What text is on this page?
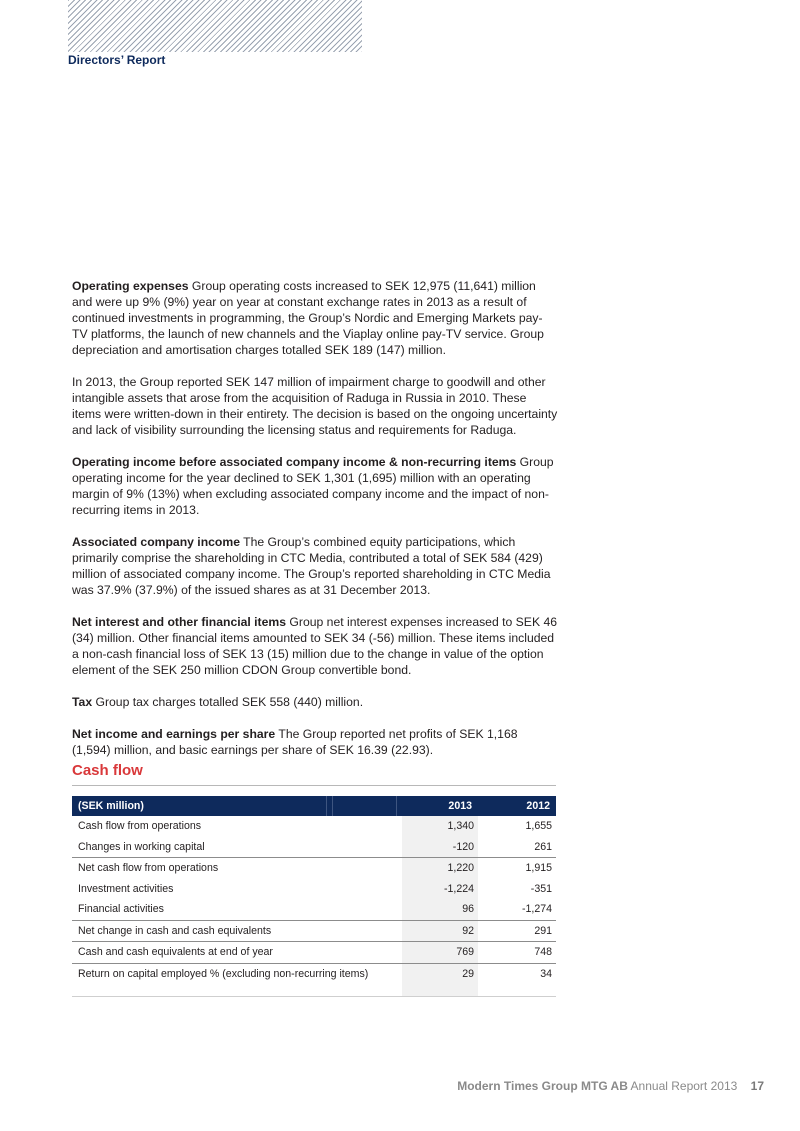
Directors’ Report

Operating expenses Group operating costs increased to SEK 12,975 (11,641) million and were up 9% (9%) year on year at constant exchange rates in 2013 as a result of continued investments in programming, the Group’s Nordic and Emerging Markets pay-TV platforms, the launch of new channels and the Viaplay online pay-TV service. Group depreciation and amortisation charges totalled SEK 189 (147) million.

In 2013, the Group reported SEK 147 million of impairment charge to goodwill and other intangible assets that arose from the acquisition of Raduga in Russia in 2010. These items were written-down in their entirety. The decision is based on the ongoing uncertainty and lack of visibility surrounding the licensing status and requirements for Raduga.

Operating income before associated company income & non-recurring items Group operating income for the year declined to SEK 1,301 (1,695) million with an operating margin of 9% (13%) when excluding associated company income and the impact of non-recurring items in 2013.

Associated company income The Group’s combined equity participations, which primarily comprise the shareholding in CTC Media, contributed a total of SEK 584 (429) million of associated company income. The Group’s reported shareholding in CTC Media was 37.9% (37.9%) of the issued shares as at 31 December 2013.

Net interest and other financial items Group net interest expenses increased to SEK 46 (34) million. Other financial items amounted to SEK 34 (-56) million. These items included a non-cash financial loss of SEK 13 (15) million due to the change in value of the option element of the SEK 250 million CDON Group convertible bond.

Tax Group tax charges totalled SEK 558 (440) million.

Net income and earnings per share The Group reported net profits of SEK 1,168 (1,594) million, and basic earnings per share of SEK 16.39 (22.93).

Cash flow
(SEK million)					2013	2012
Cash flow from operations					1,340	1,655
Changes in working capital					-120	261
Net cash flow from operations					1,220	1,915
Investment activities					-1,224	-351
Financial activities					96	-1,274
Net change in cash and cash equivalents					92	291
Cash and cash equivalents at end of year					769	748
Return on capital employed % (excluding non-recurring items)					29	34
Modern Times Group MTG AB Annual Report 2013 17
